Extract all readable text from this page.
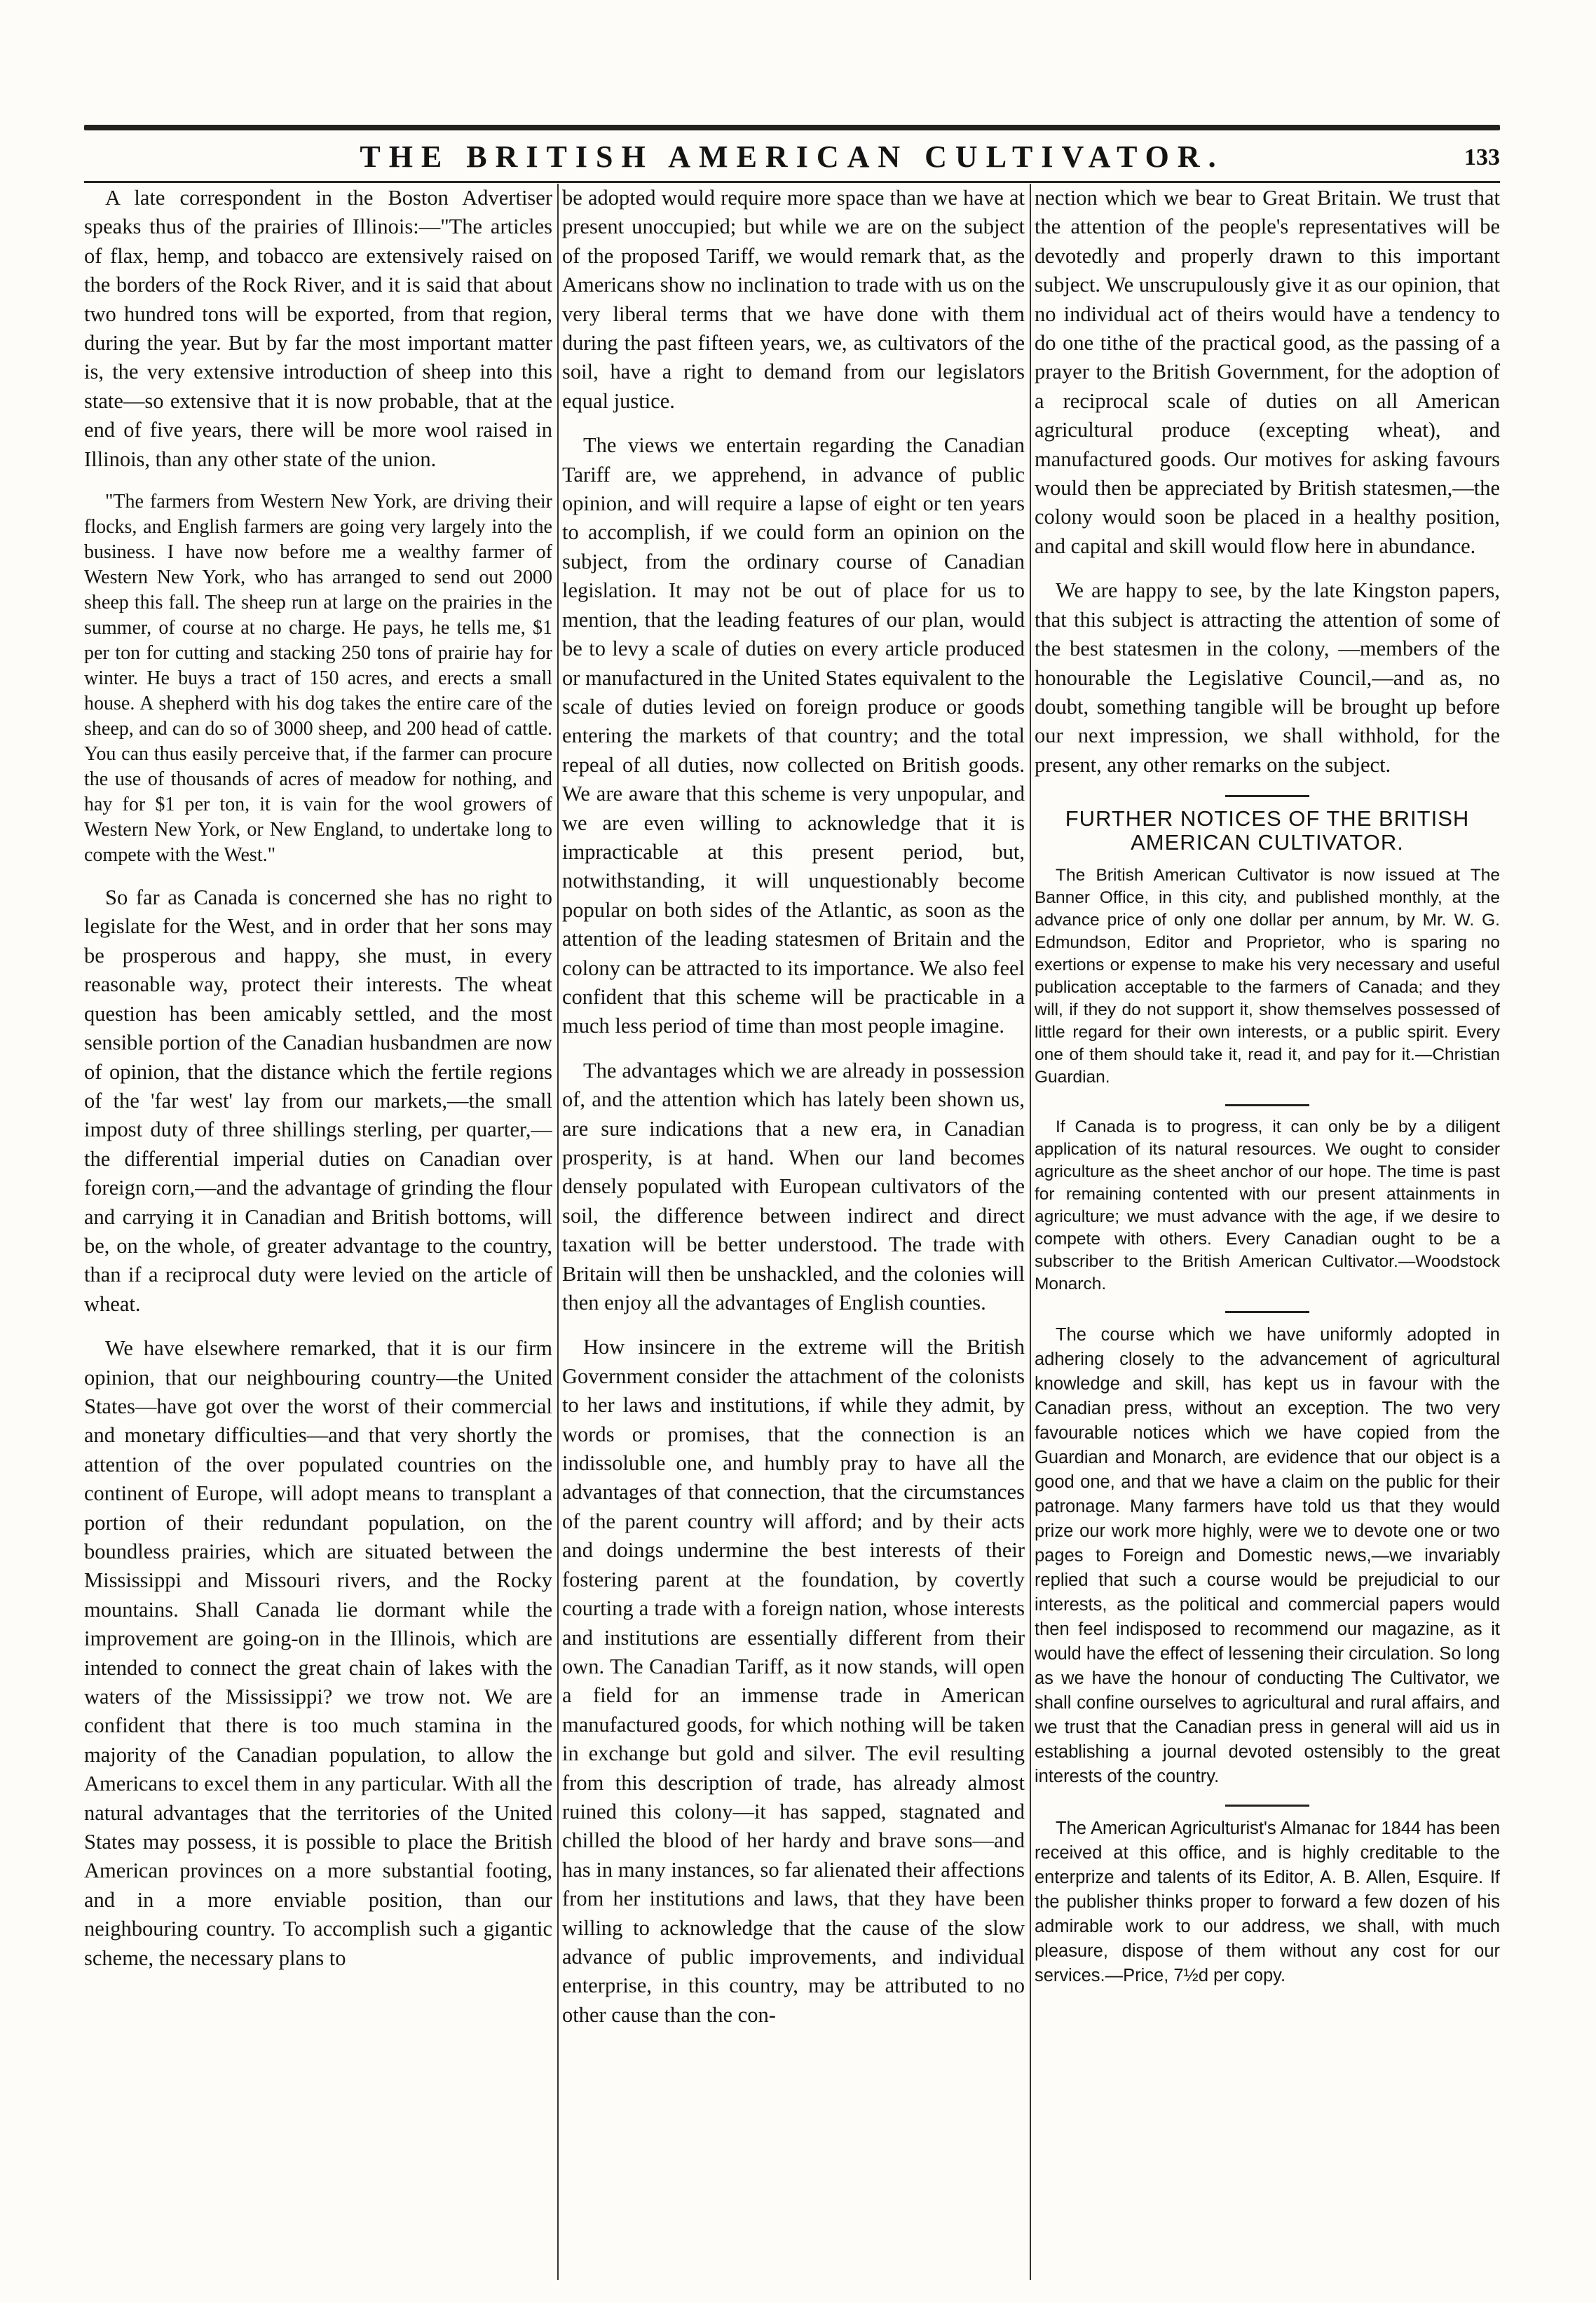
THE BRITISH AMERICAN CULTIVATOR.	133

A late correspondent in the Boston Advertiser speaks thus of the prairies of Illinois:—"The articles of flax, hemp, and tobacco are extensively raised on the borders of the Rock River, and it is said that about two hundred tons will be exported, from that region, during the year. But by far the most important matter is, the very extensive introduction of sheep into this state—so extensive that it is now probable, that at the end of five years, there will be more wool raised in Illinois, than any other state of the union.

"The farmers from Western New York, are driving their flocks, and English farmers are going very largely into the business. I have now before me a wealthy farmer of Western New York, who has arranged to send out 2000 sheep this fall. The sheep run at large on the prairies in the summer, of course at no charge. He pays, he tells me, $1 per ton for cutting and stacking 250 tons of prairie hay for winter. He buys a tract of 150 acres, and erects a small house. A shepherd with his dog takes the entire care of the sheep, and can do so of 3000 sheep, and 200 head of cattle. You can thus easily perceive that, if the farmer can procure the use of thousands of acres of meadow for nothing, and hay for $1 per ton, it is vain for the wool growers of Western New York, or New England, to undertake long to compete with the West."

So far as Canada is concerned she has no right to legislate for the West, and in order that her sons may be prosperous and happy, she must, in every reasonable way, protect their interests. The wheat question has been amicably settled, and the most sensible portion of the Canadian husbandmen are now of opinion, that the distance which the fertile regions of the 'far west' lay from our markets,—the small impost duty of three shillings sterling, per quarter,—the differential imperial duties on Canadian over foreign corn,—and the advantage of grinding the flour and carrying it in Canadian and British bottoms, will be, on the whole, of greater advantage to the country, than if a reciprocal duty were levied on the article of wheat.

We have elsewhere remarked, that it is our firm opinion, that our neighbouring country—the United States—have got over the worst of their commercial and monetary difficulties—and that very shortly the attention of the over populated countries on the continent of Europe, will adopt means to transplant a portion of their redundant population, on the boundless prairies, which are situated between the Mississippi and Missouri rivers, and the Rocky mountains. Shall Canada lie dormant while the improvement are going-on in the Illinois, which are intended to connect the great chain of lakes with the waters of the Mississippi? we trow not. We are confident that there is too much stamina in the majority of the Canadian population, to allow the Americans to excel them in any particular. With all the natural advantages that the territories of the United States may possess, it is possible to place the British American provinces on a more substantial footing, and in a more enviable position, than our neighbouring country. To accomplish such a gigantic scheme, the necessary plans to

be adopted would require more space than we have at present unoccupied; but while we are on the subject of the proposed Tariff, we would remark that, as the Americans show no inclination to trade with us on the very liberal terms that we have done with them during the past fifteen years, we, as cultivators of the soil, have a right to demand from our legislators equal justice.

The views we entertain regarding the Canadian Tariff are, we apprehend, in advance of public opinion, and will require a lapse of eight or ten years to accomplish, if we could form an opinion on the subject, from the ordinary course of Canadian legislation. It may not be out of place for us to mention, that the leading features of our plan, would be to levy a scale of duties on every article produced or manufactured in the United States equivalent to the scale of duties levied on foreign produce or goods entering the markets of that country; and the total repeal of all duties, now collected on British goods. We are aware that this scheme is very unpopular, and we are even willing to acknowledge that it is impracticable at this present period, but, notwithstanding, it will unquestionably become popular on both sides of the Atlantic, as soon as the attention of the leading statesmen of Britain and the colony can be attracted to its importance. We also feel confident that this scheme will be practicable in a much less period of time than most people imagine.

The advantages which we are already in possession of, and the attention which has lately been shown us, are sure indications that a new era, in Canadian prosperity, is at hand. When our land becomes densely populated with European cultivators of the soil, the difference between indirect and direct taxation will be better understood. The trade with Britain will then be unshackled, and the colonies will then enjoy all the advantages of English counties.

How insincere in the extreme will the British Government consider the attachment of the colonists to her laws and institutions, if while they admit, by words or promises, that the connection is an indissoluble one, and humbly pray to have all the advantages of that connection, that the circumstances of the parent country will afford; and by their acts and doings undermine the best interests of their fostering parent at the foundation, by covertly courting a trade with a foreign nation, whose interests and institutions are essentially different from their own. The Canadian Tariff, as it now stands, will open a field for an immense trade in American manufactured goods, for which nothing will be taken in exchange but gold and silver. The evil resulting from this description of trade, has already almost ruined this colony—it has sapped, stagnated and chilled the blood of her hardy and brave sons—and has in many instances, so far alienated their affections from her institutions and laws, that they have been willing to acknowledge that the cause of the slow advance of public improvements, and individual enterprise, in this country, may be attributed to no other cause than the con-

nection which we bear to Great Britain. We trust that the attention of the people's representatives will be devotedly and properly drawn to this important subject. We unscrupulously give it as our opinion, that no individual act of theirs would have a tendency to do one tithe of the practical good, as the passing of a prayer to the British Government, for the adoption of a reciprocal scale of duties on all American agricultural produce (excepting wheat), and manufactured goods. Our motives for asking favours would then be appreciated by British statesmen,—the colony would soon be placed in a healthy position, and capital and skill would flow here in abundance.

We are happy to see, by the late Kingston papers, that this subject is attracting the attention of some of the best statesmen in the colony, —members of the honourable the Legislative Council,—and as, no doubt, something tangible will be brought up before our next impression, we shall withhold, for the present, any other remarks on the subject.

FURTHER NOTICES OF THE BRITISH AMERICAN CULTIVATOR.

The British American Cultivator is now issued at The Banner Office, in this city, and published monthly, at the advance price of only one dollar per annum, by Mr. W. G. Edmundson, Editor and Proprietor, who is sparing no exertions or expense to make his very necessary and useful publication acceptable to the farmers of Canada; and they will, if they do not support it, show themselves possessed of little regard for their own interests, or a public spirit. Every one of them should take it, read it, and pay for it.—Christian Guardian.

If Canada is to progress, it can only be by a diligent application of its natural resources. We ought to consider agriculture as the sheet anchor of our hope. The time is past for remaining contented with our present attainments in agriculture; we must advance with the age, if we desire to compete with others. Every Canadian ought to be a subscriber to the British American Cultivator.—Woodstock Monarch.

The course which we have uniformly adopted in adhering closely to the advancement of agricultural knowledge and skill, has kept us in favour with the Canadian press, without an exception. The two very favourable notices which we have copied from the Guardian and Monarch, are evidence that our object is a good one, and that we have a claim on the public for their patronage. Many farmers have told us that they would prize our work more highly, were we to devote one or two pages to Foreign and Domestic news,—we invariably replied that such a course would be prejudicial to our interests, as the political and commercial papers would then feel indisposed to recommend our magazine, as it would have the effect of lessening their circulation. So long as we have the honour of conducting The Cultivator, we shall confine ourselves to agricultural and rural affairs, and we trust that the Canadian press in general will aid us in establishing a journal devoted ostensibly to the great interests of the country.

The American Agriculturist's Almanac for 1844 has been received at this office, and is highly creditable to the enterprize and talents of its Editor, A. B. Allen, Esquire. If the publisher thinks proper to forward a few dozen of his admirable work to our address, we shall, with much pleasure, dispose of them without any cost for our services.—Price, 7½d per copy.
